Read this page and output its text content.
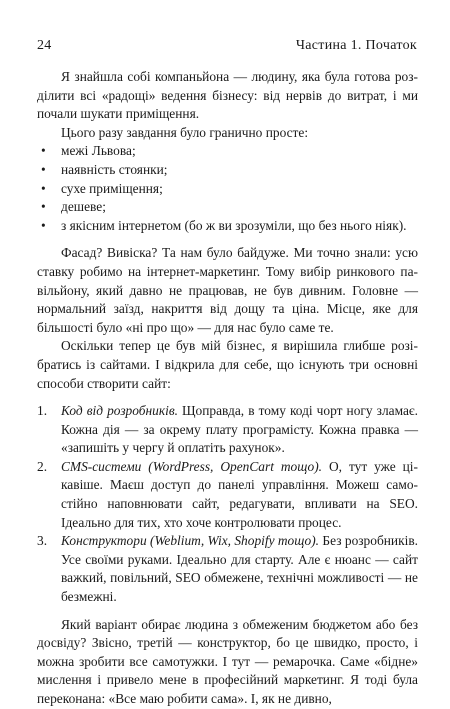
24	Частина 1. Початок

Я знайшла собі компаньйона — людину, яка була готова розділити всі «радощі» ведення бізнесу: від нервів до витрат, і ми почали шукати приміщення.

Цього разу завдання було гранично просте:

• межі Львова;
• наявність стоянки;
• сухе приміщення;
• дешеве;
• з якісним інтернетом (бо ж ви зрозуміли, що без нього ніяк).

Фасад? Вивіска? Та нам було байдуже. Ми точно знали: усю ставку робимо на інтернет-маркетинг. Тому вибір ринкового павільйону, який давно не працював, не був дивним. Головне — нормальний заїзд, накриття від дощу та ціна. Місце, яке для більшості було «ні про що» — для нас було саме те.

Оскільки тепер це був мій бізнес, я вирішила глибше розібратись із сайтами. І відкрила для себе, що існують три основні способи створити сайт:

1. Код від розробників. Щоправда, в тому коді чорт ногу зламає. Кожна дія — за окрему плату програмісту. Кожна правка — «запишіть у чергу й оплатіть рахунок».
2. CMS-системи (WordPress, OpenCart тощо). О, тут уже цікавіше. Маєш доступ до панелі управління. Можеш самостійно наповнювати сайт, редагувати, впливати на SEO. Ідеально для тих, хто хоче контролювати процес.
3. Конструктори (Weblium, Wix, Shopify тощо). Без розробників. Усе своїми руками. Ідеально для старту. Але є нюанс — сайт важкий, повільний, SEO обмежене, технічні можливості — не безмежні.

Який варіант обирає людина з обмеженим бюджетом або без досвіду? Звісно, третій — конструктор, бо це швидко, просто, і можна зробити все самотужки. І тут — ремарочка. Саме «бідне» мислення і привело мене в професійний маркетинг. Я тоді була переконана: «Все маю робити сама». І, як не дивно,
